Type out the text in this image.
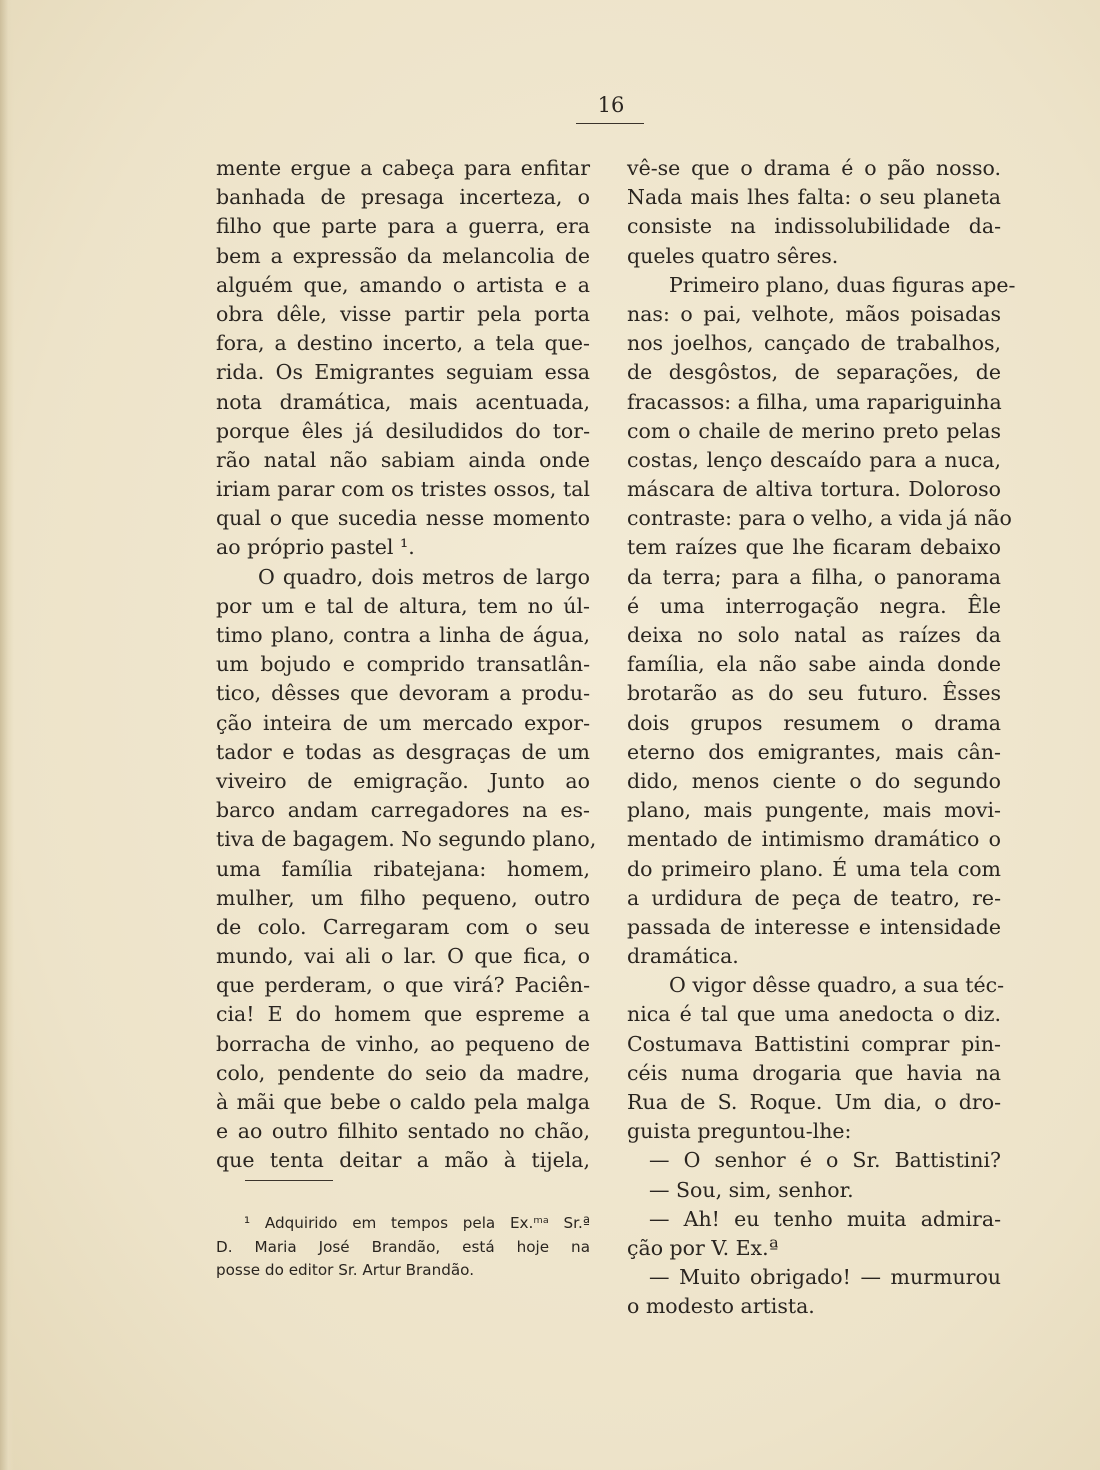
16
mente ergue a cabeça para enfitar
banhada de presaga incerteza, o
filho que parte para a guerra, era
bem a expressão da melancolia de
alguém que, amando o artista e a
obra dêle, visse partir pela porta
fora, a destino incerto, a tela que-
rida. Os Emigrantes seguiam essa
nota dramática, mais acentuada,
porque êles já desiludidos do tor-
rão natal não sabiam ainda onde
iriam parar com os tristes ossos, tal
qual o que sucedia nesse momento
ao próprio pastel ¹.
O quadro, dois metros de largo
por um e tal de altura, tem no úl-
timo plano, contra a linha de água,
um bojudo e comprido transatlân-
tico, dêsses que devoram a produ-
ção inteira de um mercado expor-
tador e todas as desgraças de um
viveiro de emigração. Junto ao
barco andam carregadores na es-
tiva de bagagem. No segundo plano,
uma família ribatejana: homem,
mulher, um filho pequeno, outro
de colo. Carregaram com o seu
mundo, vai ali o lar. O que fica, o
que perderam, o que virá? Paciên-
cia! E do homem que espreme a
borracha de vinho, ao pequeno de
colo, pendente do seio da madre,
à mãi que bebe o caldo pela malga
e ao outro filhito sentado no chão,
que tenta deitar a mão à tijela,
vê-se que o drama é o pão nosso.
Nada mais lhes falta: o seu planeta
consiste na indissolubilidade da-
queles quatro sêres.
Primeiro plano, duas figuras ape-
nas: o pai, velhote, mãos poisadas
nos joelhos, cançado de trabalhos,
de desgôstos, de separações, de
fracassos: a filha, uma rapariguinha
com o chaile de merino preto pelas
costas, lenço descaído para a nuca,
máscara de altiva tortura. Doloroso
contraste: para o velho, a vida já não
tem raízes que lhe ficaram debaixo
da terra; para a filha, o panorama
é uma interrogação negra. Êle
deixa no solo natal as raízes da
família, ela não sabe ainda donde
brotarão as do seu futuro. Êsses
dois grupos resumem o drama
eterno dos emigrantes, mais cân-
dido, menos ciente o do segundo
plano, mais pungente, mais movi-
mentado de intimismo dramático o
do primeiro plano. É uma tela com
a urdidura de peça de teatro, re-
passada de interesse e intensidade
dramática.
O vigor dêsse quadro, a sua téc-
nica é tal que uma anedocta o diz.
Costumava Battistini comprar pin-
céis numa drogaria que havia na
Rua de S. Roque. Um dia, o dro-
guista preguntou-lhe:
— O senhor é o Sr. Battistini?
— Sou, sim, senhor.
— Ah! eu tenho muita admira-
ção por V. Ex.ª
— Muito obrigado! — murmurou
o modesto artista.
¹ Adquirido em tempos pela Ex.ᵐᵃ Sr.ª
D. Maria José Brandão, está hoje na
posse do editor Sr. Artur Brandão.
